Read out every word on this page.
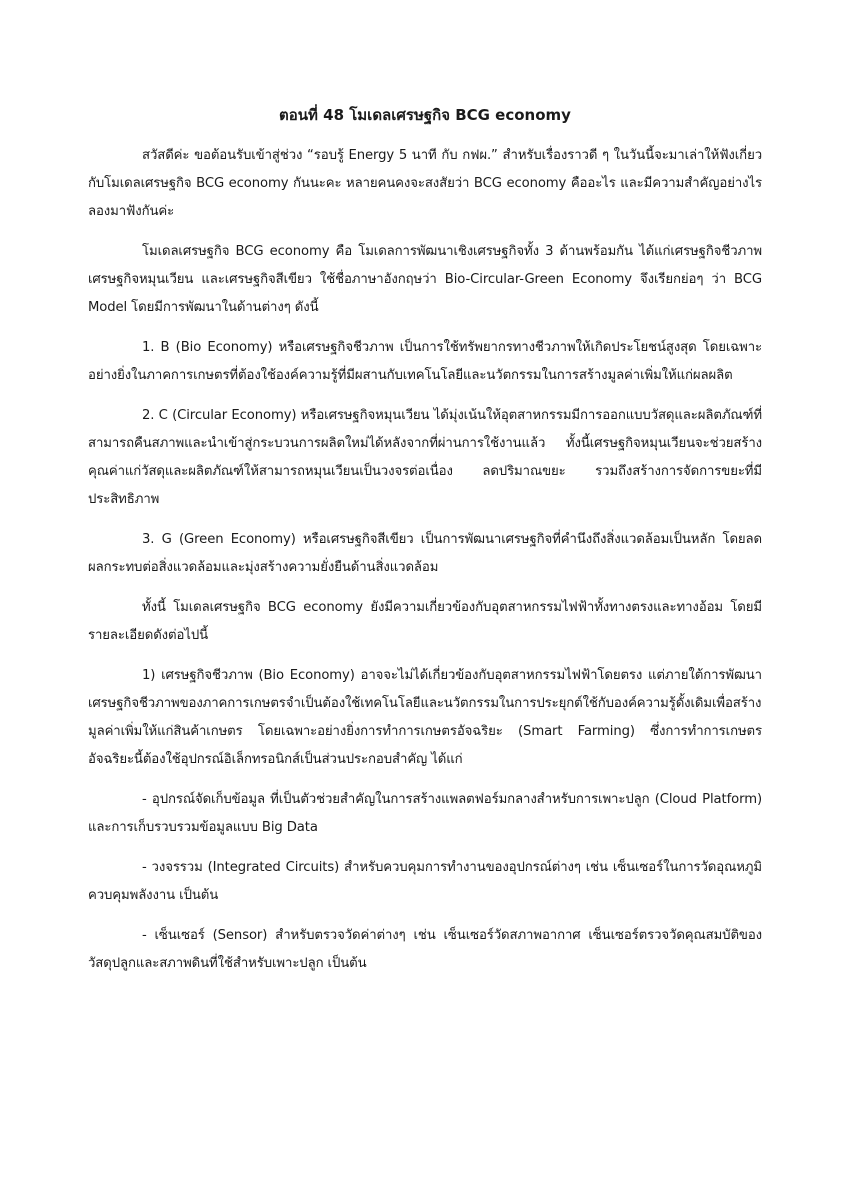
ตอนที่ 48 โมเดลเศรษฐกิจ BCG economy
สวัสดีค่ะ ขอต้อนรับเข้าสู่ช่วง “รอบรู้ Energy 5 นาที กับ กฟผ.” สำหรับเรื่องราวดี ๆ ในวันนี้จะมาเล่าให้ฟังเกี่ยวกับโมเดลเศรษฐกิจ BCG economy กันนะคะ หลายคนคงจะสงสัยว่า BCG economy คืออะไร และมีความสำคัญอย่างไร ลองมาฟังกันค่ะ
โมเดลเศรษฐกิจ BCG economy คือ โมเดลการพัฒนาเชิงเศรษฐกิจทั้ง 3 ด้านพร้อมกัน ได้แก่เศรษฐกิจชีวภาพ เศรษฐกิจหมุนเวียน และเศรษฐกิจสีเขียว ใช้ชื่อภาษาอังกฤษว่า Bio-Circular-Green Economy จึงเรียกย่อๆ ว่า BCG Model โดยมีการพัฒนาในด้านต่างๆ ดังนี้
1. B (Bio Economy) หรือเศรษฐกิจชีวภาพ เป็นการใช้ทรัพยากรทางชีวภาพให้เกิดประโยชน์สูงสุด โดยเฉพาะอย่างยิ่งในภาคการเกษตรที่ต้องใช้องค์ความรู้ที่มีผสานกับเทคโนโลยีและนวัตกรรมในการสร้างมูลค่าเพิ่มให้แก่ผลผลิต
2. C (Circular Economy) หรือเศรษฐกิจหมุนเวียน ได้มุ่งเน้นให้อุตสาหกรรมมีการออกแบบวัสดุและผลิตภัณฑ์ที่สามารถคืนสภาพและนำเข้าสู่กระบวนการผลิตใหม่ได้หลังจากที่ผ่านการใช้งานแล้ว ทั้งนี้เศรษฐกิจหมุนเวียนจะช่วยสร้างคุณค่าแก่วัสดุและผลิตภัณฑ์ให้สามารถหมุนเวียนเป็นวงจรต่อเนื่อง ลดปริมาณขยะ รวมถึงสร้างการจัดการขยะที่มีประสิทธิภาพ
3. G (Green Economy) หรือเศรษฐกิจสีเขียว เป็นการพัฒนาเศรษฐกิจที่คำนึงถึงสิ่งแวดล้อมเป็นหลัก โดยลดผลกระทบต่อสิ่งแวดล้อมและมุ่งสร้างความยั่งยืนด้านสิ่งแวดล้อม
ทั้งนี้ โมเดลเศรษฐกิจ BCG economy ยังมีความเกี่ยวข้องกับอุตสาหกรรมไฟฟ้าทั้งทางตรงและทางอ้อม โดยมีรายละเอียดดังต่อไปนี้
1) เศรษฐกิจชีวภาพ (Bio Economy) อาจจะไม่ได้เกี่ยวข้องกับอุตสาหกรรมไฟฟ้าโดยตรง แต่ภายใต้การพัฒนาเศรษฐกิจชีวภาพของภาคการเกษตรจำเป็นต้องใช้เทคโนโลยีและนวัตกรรมในการประยุกต์ใช้กับองค์ความรู้ดั้งเดิมเพื่อสร้างมูลค่าเพิ่มให้แก่สินค้าเกษตร โดยเฉพาะอย่างยิ่งการทำการเกษตรอัจฉริยะ (Smart Farming) ซึ่งการทำการเกษตรอัจฉริยะนี้ต้องใช้อุปกรณ์อิเล็กทรอนิกส์เป็นส่วนประกอบสำคัญ ได้แก่
- อุปกรณ์จัดเก็บข้อมูล ที่เป็นตัวช่วยสำคัญในการสร้างแพลตฟอร์มกลางสำหรับการเพาะปลูก (Cloud Platform) และการเก็บรวบรวมข้อมูลแบบ Big Data
- วงจรรวม (Integrated Circuits) สำหรับควบคุมการทำงานของอุปกรณ์ต่างๆ เช่น เซ็นเซอร์ในการวัดอุณหภูมิ ควบคุมพลังงาน เป็นต้น
- เซ็นเซอร์ (Sensor) สำหรับตรวจวัดค่าต่างๆ เช่น เซ็นเซอร์วัดสภาพอากาศ เซ็นเซอร์ตรวจวัดคุณสมบัติของวัสดุปลูกและสภาพดินที่ใช้สำหรับเพาะปลูก เป็นต้น
